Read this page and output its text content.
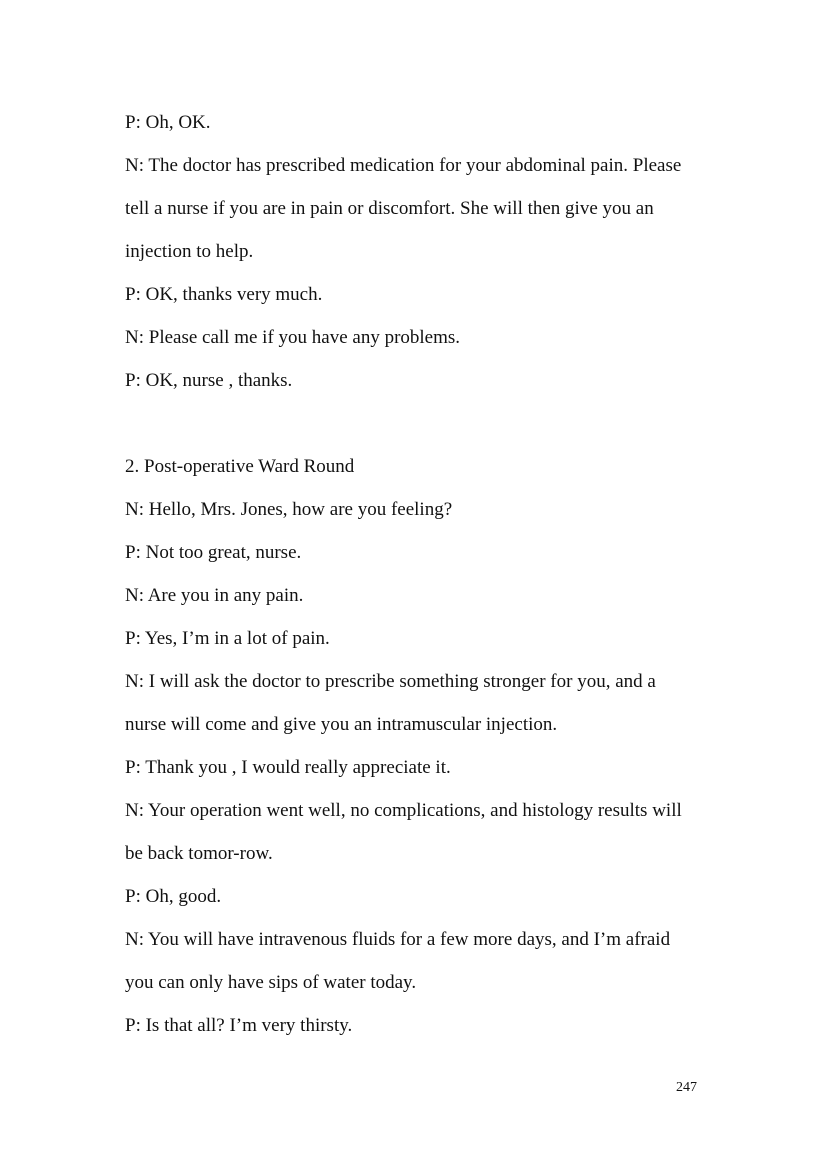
P: Oh, OK.

N: The doctor has prescribed medication for your abdominal pain. Please

tell a nurse if you are in pain or discomfort. She will then give you an

injection to help.

P: OK, thanks very much.

N: Please call me if you have any problems.

P: OK, nurse , thanks.

2. Post-operative Ward Round

N: Hello, Mrs. Jones, how are you feeling?

P: Not too great, nurse.

N: Are you in any pain.

P: Yes, I’m in a lot of pain.

N: I will ask the doctor to prescribe something stronger for you, and a

nurse will come and give you an intramuscular injection.

P: Thank you , I would really appreciate it.

N: Your operation went well, no complications, and histology results will

be back tomor-row.

P: Oh, good.

N: You will have intravenous fluids for a few more days, and I’m afraid

you can only have sips of water today.

P: Is that all? I’m very thirsty.

247
